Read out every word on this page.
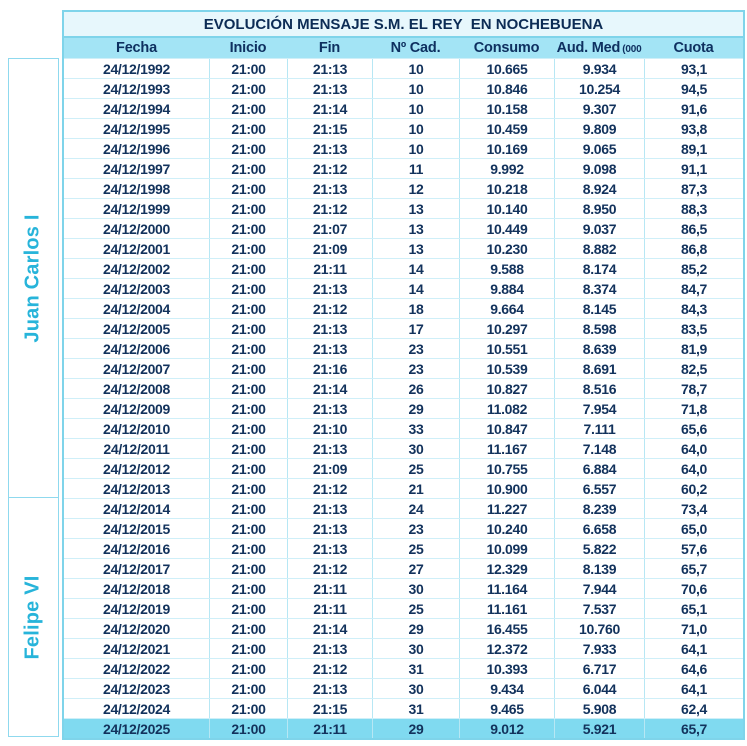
Juan Carlos I
Felipe VI
EVOLUCIÓN MENSAJE S.M. EL REY  EN NOCHEBUENA
Fecha	Inicio	Fin	Nº Cad.	Consumo	Aud. Med (000	Cuota
24/12/1992	21:00	21:13	10	10.665	9.934	93,1
24/12/1993	21:00	21:13	10	10.846	10.254	94,5
24/12/1994	21:00	21:14	10	10.158	9.307	91,6
24/12/1995	21:00	21:15	10	10.459	9.809	93,8
24/12/1996	21:00	21:13	10	10.169	9.065	89,1
24/12/1997	21:00	21:12	11	9.992	9.098	91,1
24/12/1998	21:00	21:13	12	10.218	8.924	87,3
24/12/1999	21:00	21:12	13	10.140	8.950	88,3
24/12/2000	21:00	21:07	13	10.449	9.037	86,5
24/12/2001	21:00	21:09	13	10.230	8.882	86,8
24/12/2002	21:00	21:11	14	9.588	8.174	85,2
24/12/2003	21:00	21:13	14	9.884	8.374	84,7
24/12/2004	21:00	21:12	18	9.664	8.145	84,3
24/12/2005	21:00	21:13	17	10.297	8.598	83,5
24/12/2006	21:00	21:13	23	10.551	8.639	81,9
24/12/2007	21:00	21:16	23	10.539	8.691	82,5
24/12/2008	21:00	21:14	26	10.827	8.516	78,7
24/12/2009	21:00	21:13	29	11.082	7.954	71,8
24/12/2010	21:00	21:10	33	10.847	7.111	65,6
24/12/2011	21:00	21:13	30	11.167	7.148	64,0
24/12/2012	21:00	21:09	25	10.755	6.884	64,0
24/12/2013	21:00	21:12	21	10.900	6.557	60,2
24/12/2014	21:00	21:13	24	11.227	8.239	73,4
24/12/2015	21:00	21:13	23	10.240	6.658	65,0
24/12/2016	21:00	21:13	25	10.099	5.822	57,6
24/12/2017	21:00	21:12	27	12.329	8.139	65,7
24/12/2018	21:00	21:11	30	11.164	7.944	70,6
24/12/2019	21:00	21:11	25	11.161	7.537	65,1
24/12/2020	21:00	21:14	29	16.455	10.760	71,0
24/12/2021	21:00	21:13	30	12.372	7.933	64,1
24/12/2022	21:00	21:12	31	10.393	6.717	64,6
24/12/2023	21:00	21:13	30	9.434	6.044	64,1
24/12/2024	21:00	21:15	31	9.465	5.908	62,4
24/12/2025	21:00	21:11	29	9.012	5.921	65,7
